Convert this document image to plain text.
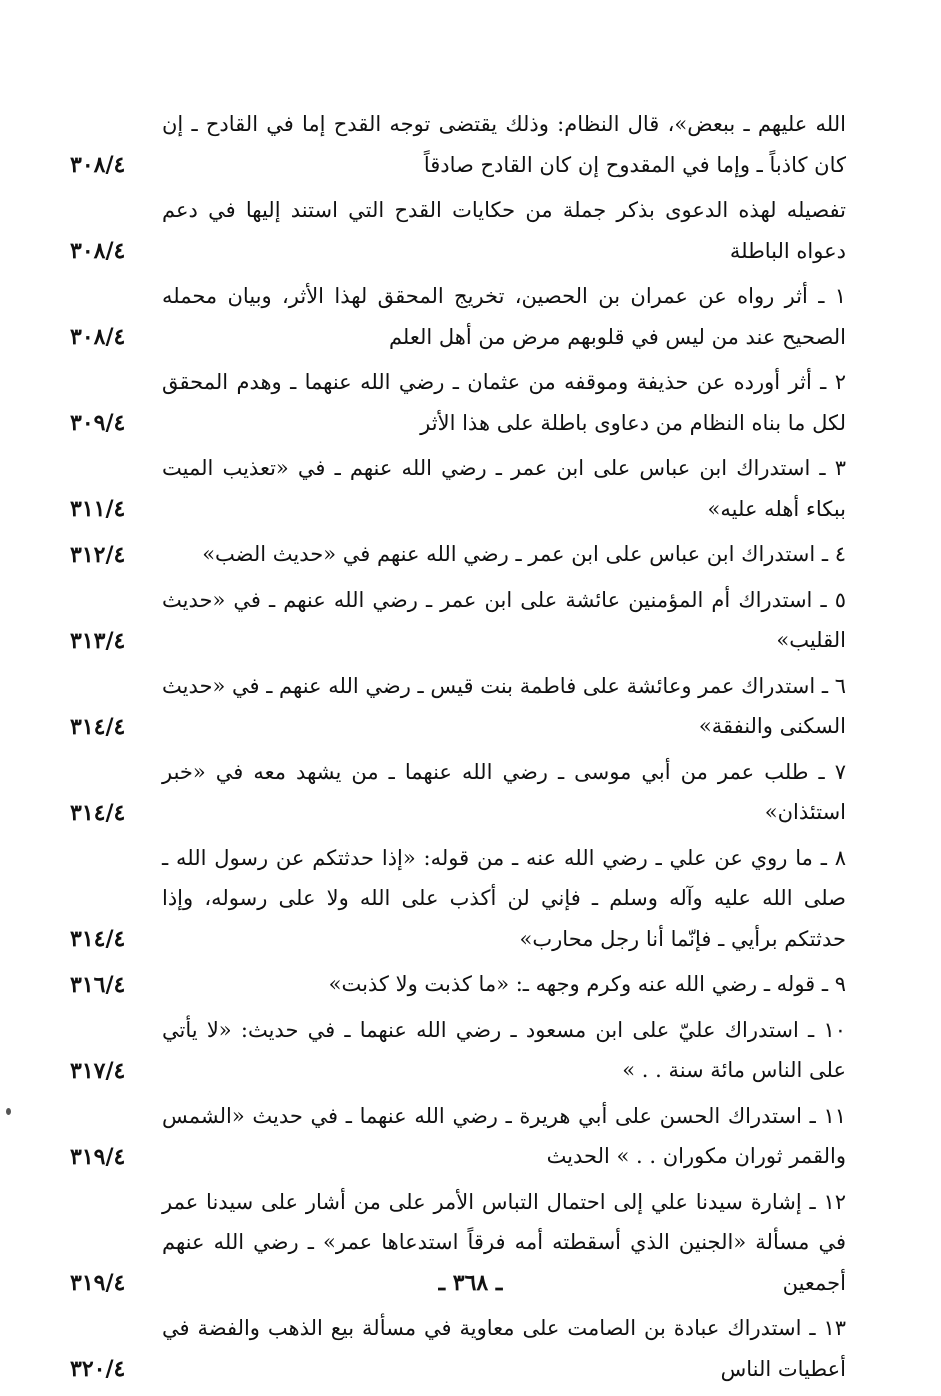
الله عليهم ـ ببعض»، قال النظام: وذلك يقتضى توجه القدح إما في القادح ـ إن كان كاذباً ـ وإما في المقدوح إن كان القادح صادقاً
٣٠٨/٤
تفصيله لهذه الدعوى بذكر جملة من حكايات القدح التي استند إليها في دعم دعواه الباطلة
٣٠٨/٤
١ ـ أثر رواه عن عمران بن الحصين، تخريج المحقق لهذا الأثر، وبيان محمله الصحيح عند من ليس في قلوبهم مرض من أهل العلم
٣٠٨/٤
٢ ـ أثر أورده عن حذيفة وموقفه من عثمان ـ رضي الله عنهما ـ وهدم المحقق لكل ما بناه النظام من دعاوى باطلة على هذا الأثر
٣٠٩/٤
٣ ـ استدراك ابن عباس على ابن عمر ـ رضي الله عنهم ـ في «تعذيب الميت ببكاء أهله عليه»
٣١١/٤
٤ ـ استدراك ابن عباس على ابن عمر ـ رضي الله عنهم في «حديث الضب»
٣١٢/٤
٥ ـ استدراك أم المؤمنين عائشة على ابن عمر ـ رضي الله عنهم ـ في «حديث القليب»
٣١٣/٤
٦ ـ استدراك عمر وعائشة على فاطمة بنت قيس ـ رضي الله عنهم ـ في «حديث السكنى والنفقة»
٣١٤/٤
٧ ـ طلب عمر من أبي موسى ـ رضي الله عنهما ـ من يشهد معه في «خبر استئذان»
٣١٤/٤
٨ ـ ما روي عن علي ـ رضي الله عنه ـ من قوله: «إذا حدثتكم عن رسول الله ـ صلى الله عليه وآله وسلم ـ فإني لن أكذب على الله ولا على رسوله، وإذا حدثتكم برأيي ـ فإنّما أنا رجل محارب»
٣١٤/٤
٩ ـ قوله ـ رضي الله عنه وكرم وجهه ـ: «ما كذبت ولا كذبت»
٣١٦/٤
١٠ ـ استدراك عليّ على ابن مسعود ـ رضي الله عنهما ـ في حديث: «لا يأتي على الناس مائة سنة . . »
٣١٧/٤
١١ ـ استدراك الحسن على أبي هريرة ـ رضي الله عنهما ـ في حديث «الشمس والقمر ثوران مكوران . . » الحديث
٣١٩/٤
١٢ ـ إشارة سيدنا علي إلى احتمال التباس الأمر على من أشار على سيدنا عمر في مسألة «الجنين الذي أسقطته أمه فرقاً استدعاها عمر» ـ رضي الله عنهم أجمعين
٣١٩/٤
١٣ ـ استدراك عبادة بن الصامت على معاوية في مسألة بيع الذهب والفضة في أعطيات الناس
٣٢٠/٤
ـ ٣٦٨ ـ
